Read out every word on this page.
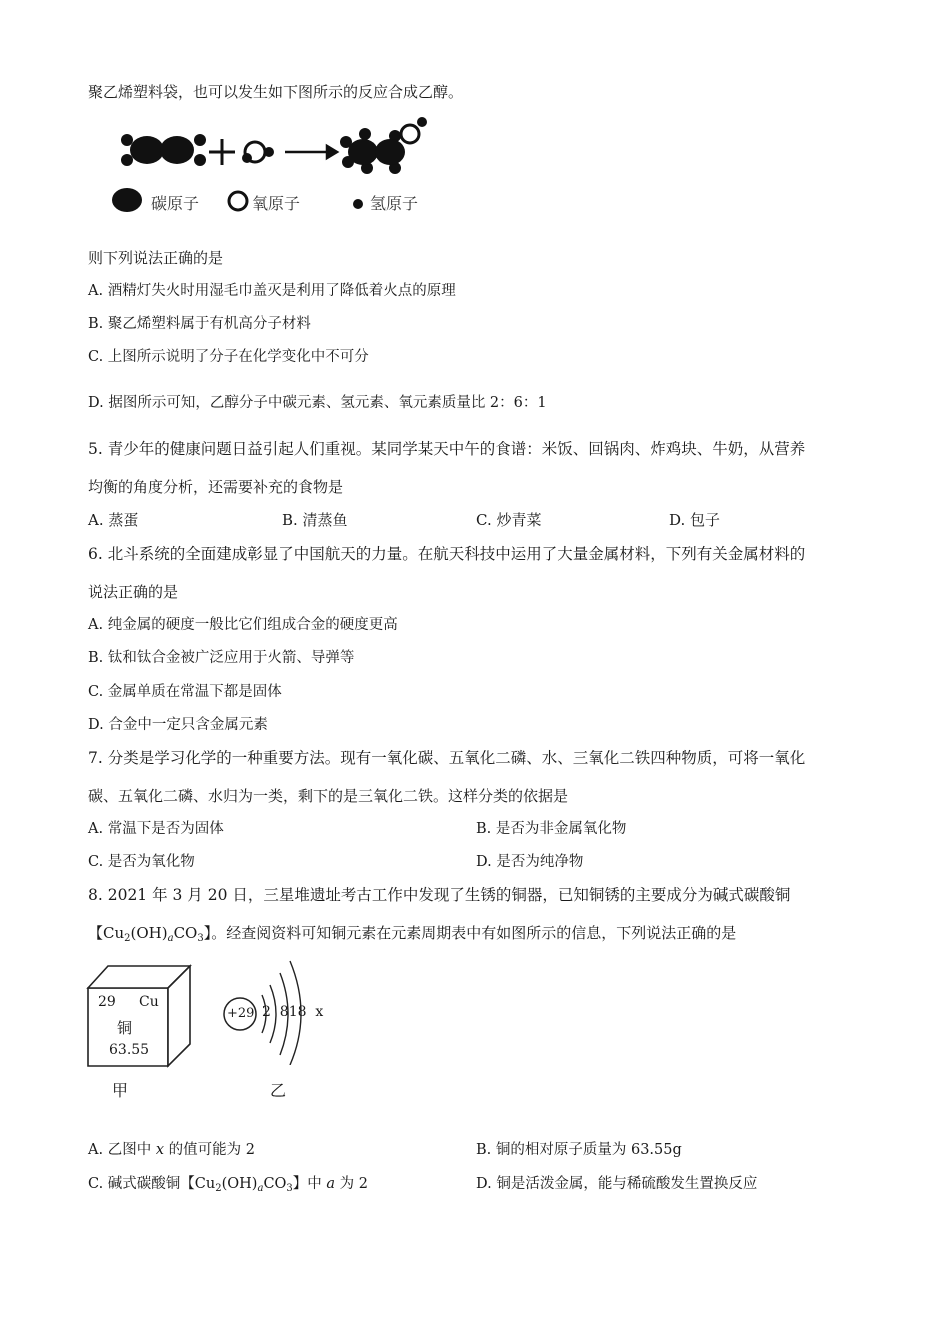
聚乙烯塑料袋，也可以发生如下图所示的反应合成乙醇。
碳原子	氧原子	氢原子
则下列说法正确的是
A. 酒精灯失火时用湿毛巾盖灭是利用了降低着火点的原理
B. 聚乙烯塑料属于有机高分子材料
C. 上图所示说明了分子在化学变化中不可分
D. 据图所示可知，乙醇分子中碳元素、氢元素、氧元素质量比 2：6：1
5. 青少年的健康问题日益引起人们重视。某同学某天中午的食谱：米饭、回锅肉、炸鸡块、牛奶，从营养
均衡的角度分析，还需要补充的食物是
A. 蒸蛋	B. 清蒸鱼	C. 炒青菜	D. 包子
6. 北斗系统的全面建成彰显了中国航天的力量。在航天科技中运用了大量金属材料，下列有关金属材料的
说法正确的是
A. 纯金属的硬度一般比它们组成合金的硬度更高
B. 钛和钛合金被广泛应用于火箭、导弹等
C. 金属单质在常温下都是固体
D. 合金中一定只含金属元素
7. 分类是学习化学的一种重要方法。现有一氧化碳、五氧化二磷、水、三氧化二铁四种物质，可将一氧化
碳、五氧化二磷、水归为一类，剩下的是三氧化二铁。这样分类的依据是
A. 常温下是否为固体	B. 是否为非金属氧化物
C. 是否为氧化物	D. 是否为纯净物
8. 2021 年 3 月 20 日，三星堆遗址考古工作中发现了生锈的铜器，已知铜锈的主要成分为碱式碳酸铜
【$Cu_2(OH)_aCO_3$】。经查阅资料可知铜元素在元素周期表中有如图所示的信息，下列说法正确的是
29 Cu
铜
63.55
甲
+29 2  818  x
乙
A. 乙图中 x 的值可能为 2	B. 铜的相对原子质量为 63.55g
C. 碱式碳酸铜【$Cu_2(OH)_aCO_3$】中 a 为 2	D. 铜是活泼金属，能与稀硫酸发生置换反应
